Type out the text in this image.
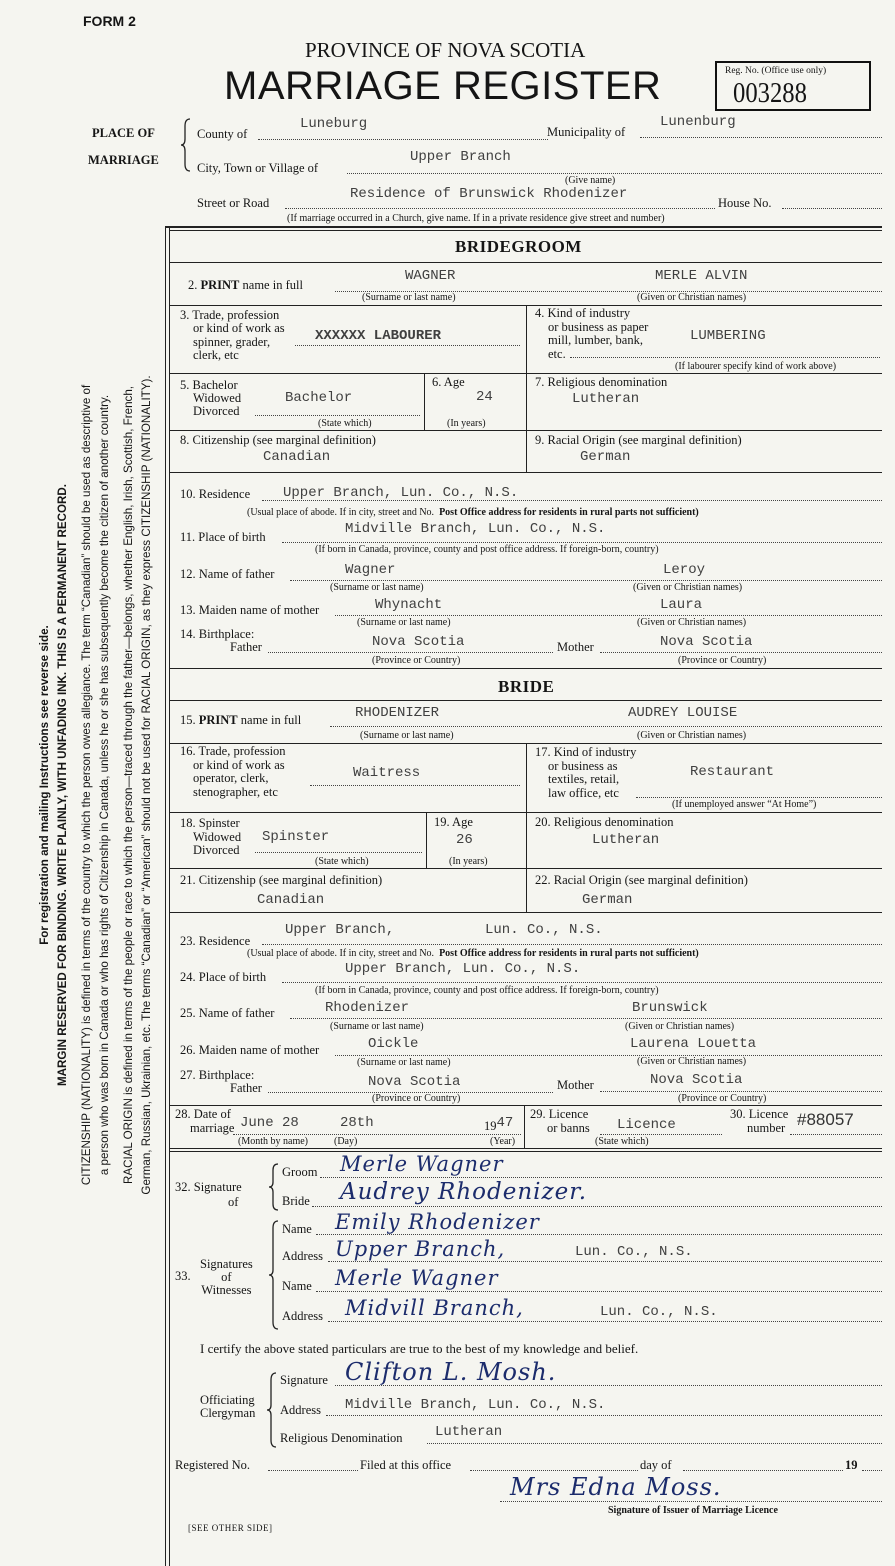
For registration and mailing Instructions see reverse side. MARGIN RESERVED FOR BINDING. WRITE PLAINLY, WITH UNFADING INK. THIS IS A PERMANENT RECORD. CITIZENSHIP (NATIONALITY) is defined in terms of the country to which the person owes allegiance. The term “Canadian” should be used as descriptive of a person who was born in Canada or who has rights of Citizenship in Canada, unless he or she has subsequently become the citizen of another country. RACIAL ORIGIN is defined in terms of the people or race to which the person—traced through the father—belongs, whether English, Irish, Scottish, French, German, Russian, Ukrainian, etc. The terms “Canadian” or “American” should not be used for RACIAL ORIGIN, as they express CITIZENSHIP (NATIONALITY).
FORM 2
PROVINCE OF NOVA SCOTIA
MARRIAGE REGISTER	Reg. No. (Office use only)
003288
PLACE OF
MARRIAGE
County of
Luneburg	Municipality of
Lunenburg
City, Town or Village of
Upper Branch
(Give name)
Street or Road
Residence of Brunswick Rhodenizer
House No.
(If marriage occurred in a Church, give name. If in a private residence give street and number)
BRIDEGROOM
2. PRINT name in full
WAGNER	MERLE ALVIN
(Surname or last name)	(Given or Christian names)
3. Trade, profession
or kind of work as
spinner, grader,
clerk, etc
XXXXXX LABOURER
4. Kind of industry
or business as paper
mill, lumber, bank,
etc.
LUMBERING
(If labourer specify kind of work above)
5. Bachelor
Widowed
Divorced
Bachelor
(State which)
6. Age
24
(In years)
7. Religious denomination
Lutheran
8. Citizenship (see marginal definition)
Canadian
9. Racial Origin (see marginal definition)
German
10. Residence Upper Branch, Lun. Co., N.S.
(Usual place of abode. If in city, street and No. Post Office address for residents in rural parts not sufficient)
11. Place of birth	Midville Branch, Lun. Co., N.S.
(If born in Canada, province, county and post office address. If foreign-born, country)
12. Name of father	Wagner	Leroy
(Surname or last name)	(Given or Christian names)
13. Maiden name of mother	Whynacht	Laura
(Surname or last name)	(Given or Christian names)
14. Birthplace:
Father	Nova Scotia	Mother	Nova Scotia
(Province or Country)	(Province or Country)
BRIDE
15. PRINT name in full	RHODENIZER	AUDREY LOUISE
(Surname or last name)	(Given or Christian names)
16. Trade, profession
or kind of work as
operator, clerk,
stenographer, etc
Waitress
17. Kind of industry
or business as
textiles, retail,
law office, etc
Restaurant
(If unemployed answer “At Home”)
18. Spinster
Widowed
Divorced
Spinster
(State which)
19. Age
26
(In years)
20. Religious denomination
Lutheran
21. Citizenship (see marginal definition)
Canadian
22. Racial Origin (see marginal definition)
German
23. Residence
Upper Branch,	Lun. Co., N.S.
(Usual place of abode. If in city, street and No. Post Office address for residents in rural parts not sufficient)
24. Place of birth	Upper Branch, Lun. Co., N.S.
(If born in Canada, province, county and post office address. If foreign-born, country)
25. Name of father	Rhodenizer	Brunswick
(Surname or last name)	(Given or Christian names)
26. Maiden name of mother	Oickle	Laurena Louetta
(Surname or last name)	(Given or Christian names)
27. Birthplace:
Father	Nova Scotia	Mother	Nova Scotia
(Province or Country)	(Province or Country)
28. Date of
marriage June 28	28th	1947
(Month by name)	(Day)	(Year)
29. Licence
or banns Licence
(State which)
30. Licence
number #88057
32. Signature
of
Groom Merle Wagner
Bride Audrey Rhodenizer.
33.
Signatures
of
Witnesses
Name Emily Rhodenizer
Address Upper Branch,	Lun. Co., N.S.
Name Merle Wagner
Address Midvill Branch,	Lun. Co., N.S.
I certify the above stated particulars are true to the best of my knowledge and belief.
Officiating
Clergyman
Signature Clifton L. Mosh.
Address Midville Branch, Lun. Co., N.S.
Religious Denomination Lutheran
Registered No.	Filed at this office	day of	19
Mrs Edna Moss.
Signature of Issuer of Marriage Licence
[SEE OTHER SIDE]
